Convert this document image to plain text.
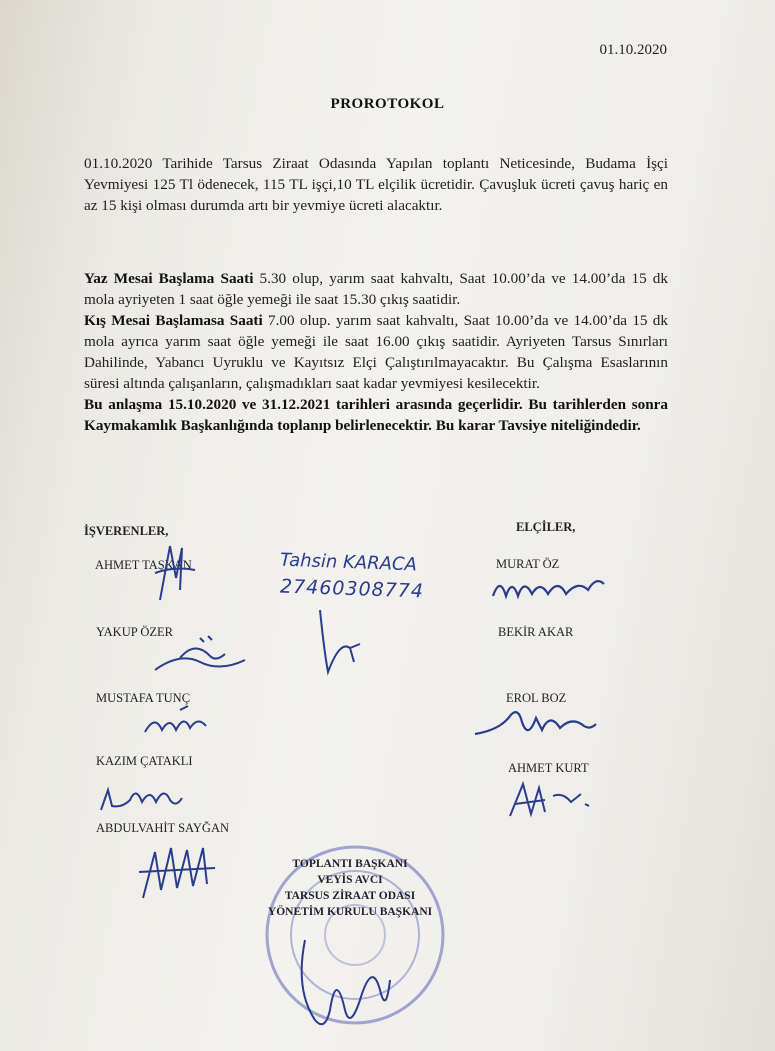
01.10.2020
PROROTOKOL
01.10.2020 Tarihide Tarsus Ziraat Odasında Yapılan toplantı Neticesinde, Budama İşçi Yevmiyesi 125 Tl ödenecek, 115 TL işçi,10 TL elçilik ücretidir. Çavuşluk ücreti çavuş hariç en az 15 kişi olması durumda artı bir yevmiye ücreti alacaktır.
Yaz Mesai Başlama Saati 5.30 olup, yarım saat kahvaltı, Saat 10.00’da ve 14.00’da 15 dk mola ayriyeten 1 saat öğle yemeği ile saat 15.30 çıkış saatidir.
Kış Mesai Başlamasa Saati 7.00 olup. yarım saat kahvaltı, Saat 10.00’da ve 14.00’da 15 dk mola ayrıca yarım saat öğle yemeği ile saat 16.00 çıkış saatidir. Ayriyeten Tarsus Sınırları Dahilinde, Yabancı Uyruklu ve Kayıtsız Elçi Çalıştırılmayacaktır. Bu Çalışma Esaslarının süresi altında çalışanların, çalışmadıkları saat kadar yevmiyesi kesilecektir.
Bu anlaşma 15.10.2020 ve 31.12.2021 tarihleri arasında geçerlidir. Bu tarihlerden sonra Kaymakamlık Başkanlığında toplanıp belirlenecektir. Bu karar Tavsiye niteliğindedir.
İŞVERENLER,	ELÇİLER,
AHMET TAŞKAN
YAKUP ÖZER
MUSTAFA TUNÇ
KAZIM ÇATAKLI
ABDULVAHİT SAYĞAN
MURAT ÖZ
BEKİR AKAR
EROL BOZ
AHMET KURT
Tahsin KARACA
27460308774
TOPLANTI BAŞKANI
VEYİS AVCI
TARSUS ZİRAAT ODASI
YÖNETİM KURULU BAŞKANI
